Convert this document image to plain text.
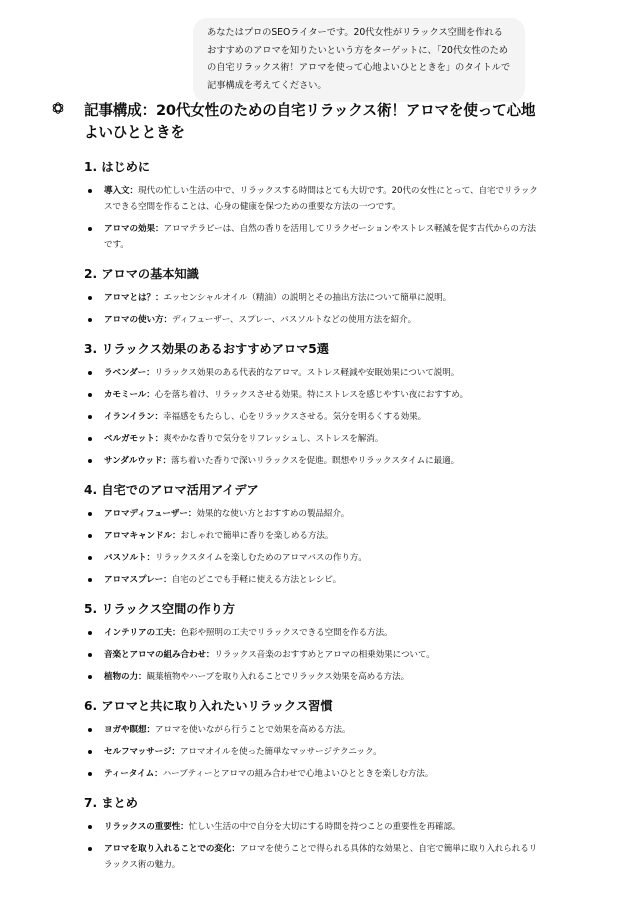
あなたはプロのSEOライターです。20代女性がリラックス空間を作れるおすすめのアロマを知りたいという方をターゲットに、「20代女性のための自宅リラックス術！アロマを使って心地よいひとときを」のタイトルで記事構成を考えてください。
記事構成：20代女性のための自宅リラックス術！アロマを使って心地よいひとときを
1. はじめに
導入文：現代の忙しい生活の中で、リラックスする時間はとても大切です。20代の女性にとって、自宅でリラックスできる空間を作ることは、心身の健康を保つための重要な方法の一つです。
アロマの効果：アロマテラピーは、自然の香りを活用してリラクゼーションやストレス軽減を促す古代からの方法です。
2. アロマの基本知識
アロマとは？：エッセンシャルオイル（精油）の説明とその抽出方法について簡単に説明。
アロマの使い方：ディフューザー、スプレー、バスソルトなどの使用方法を紹介。
3. リラックス効果のあるおすすめアロマ5選
ラベンダー：リラックス効果のある代表的なアロマ。ストレス軽減や安眠効果について説明。
カモミール：心を落ち着け、リラックスさせる効果。特にストレスを感じやすい夜におすすめ。
イランイラン：幸福感をもたらし、心をリラックスさせる。気分を明るくする効果。
ベルガモット：爽やかな香りで気分をリフレッシュし、ストレスを解消。
サンダルウッド：落ち着いた香りで深いリラックスを促進。瞑想やリラックスタイムに最適。
4. 自宅でのアロマ活用アイデア
アロマディフューザー：効果的な使い方とおすすめの製品紹介。
アロマキャンドル：おしゃれで簡単に香りを楽しめる方法。
バスソルト：リラックスタイムを楽しむためのアロマバスの作り方。
アロマスプレー：自宅のどこでも手軽に使える方法とレシピ。
5. リラックス空間の作り方
インテリアの工夫：色彩や照明の工夫でリラックスできる空間を作る方法。
音楽とアロマの組み合わせ：リラックス音楽のおすすめとアロマの相乗効果について。
植物の力：観葉植物やハーブを取り入れることでリラックス効果を高める方法。
6. アロマと共に取り入れたいリラックス習慣
ヨガや瞑想：アロマを使いながら行うことで効果を高める方法。
セルフマッサージ：アロマオイルを使った簡単なマッサージテクニック。
ティータイム：ハーブティーとアロマの組み合わせで心地よいひとときを楽しむ方法。
7. まとめ
リラックスの重要性：忙しい生活の中で自分を大切にする時間を持つことの重要性を再確認。
アロマを取り入れることでの変化：アロマを使うことで得られる具体的な効果と、自宅で簡単に取り入れられるリラックス術の魅力。
